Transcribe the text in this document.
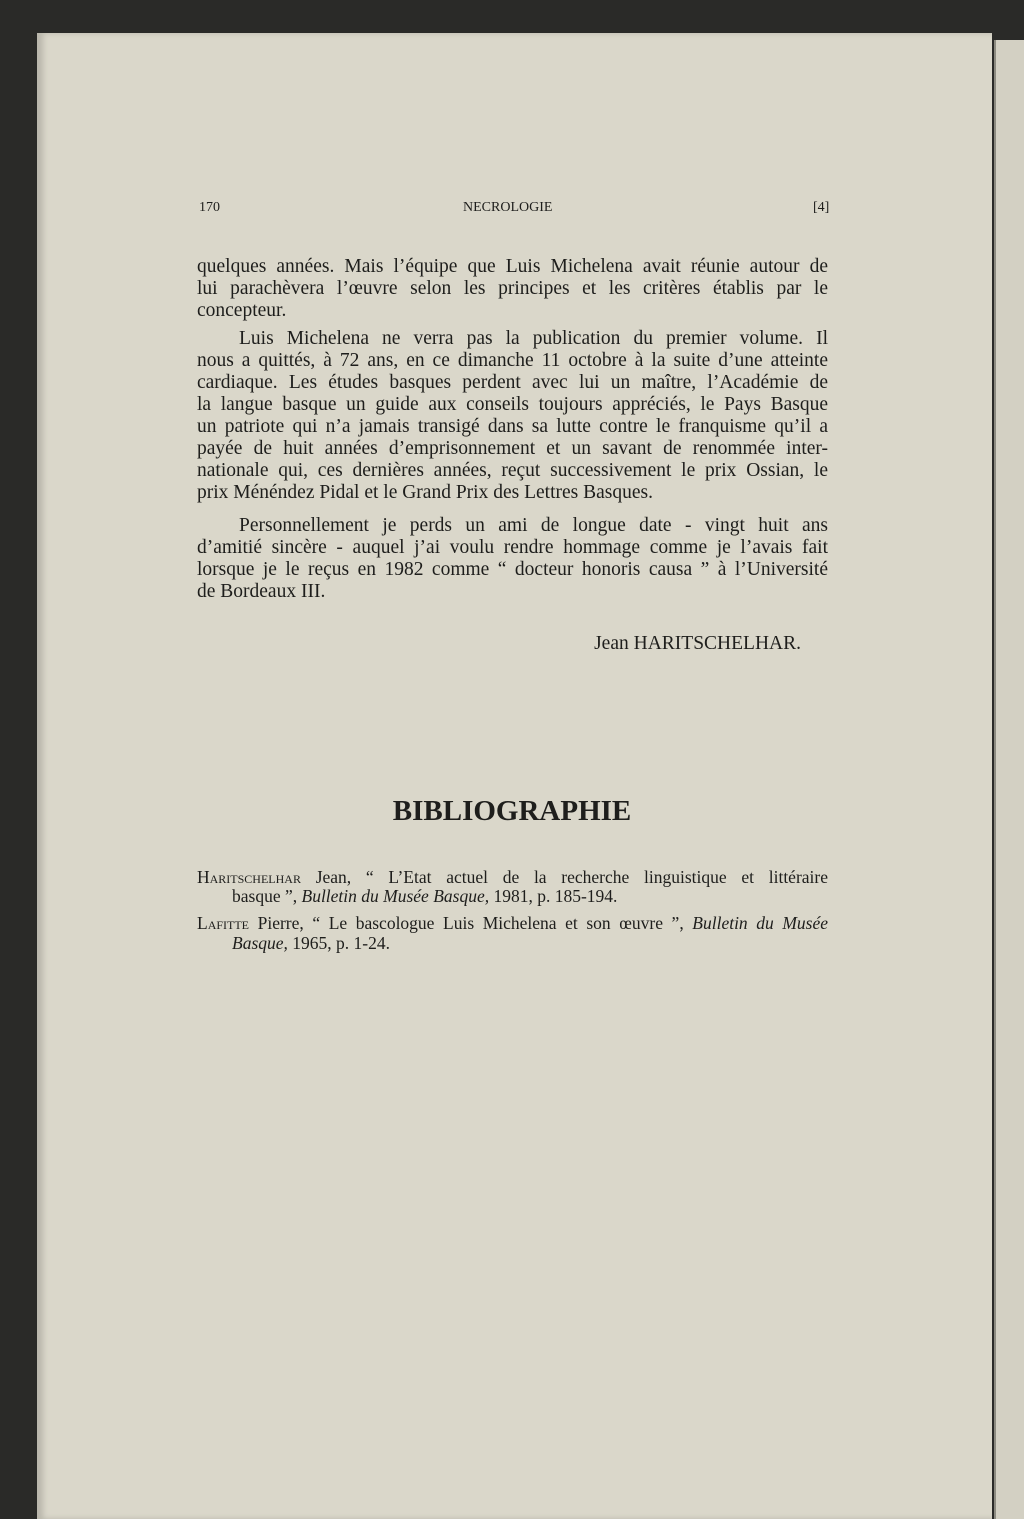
170	NECROLOGIE	[4]
quelques années. Mais l’équipe que Luis Michelena avait réunie autour de
lui parachèvera l’œuvre selon les principes et les critères établis par le
concepteur.
Luis Michelena ne verra pas la publication du premier volume. Il
nous a quittés, à 72 ans, en ce dimanche 11 octobre à la suite d’une atteinte
cardiaque. Les études basques perdent avec lui un maître, l’Académie de
la langue basque un guide aux conseils toujours appréciés, le Pays Basque
un patriote qui n’a jamais transigé dans sa lutte contre le franquisme qu’il a
payée de huit années d’emprisonnement et un savant de renommée inter-
nationale qui, ces dernières années, reçut successivement le prix Ossian, le
prix Ménéndez Pidal et le Grand Prix des Lettres Basques.
Personnellement je perds un ami de longue date - vingt huit ans
d’amitié sincère - auquel j’ai voulu rendre hommage comme je l’avais fait
lorsque je le reçus en 1982 comme “ docteur honoris causa ” à l’Université
de Bordeaux III.
Jean HARITSCHELHAR.
BIBLIOGRAPHIE
Haritschelhar Jean, “ L’Etat actuel de la recherche linguistique et littéraire
basque ”, Bulletin du Musée Basque, 1981, p. 185-194.
Lafitte Pierre, “ Le bascologue Luis Michelena et son œuvre ”, Bulletin du Musée
Basque, 1965, p. 1-24.
